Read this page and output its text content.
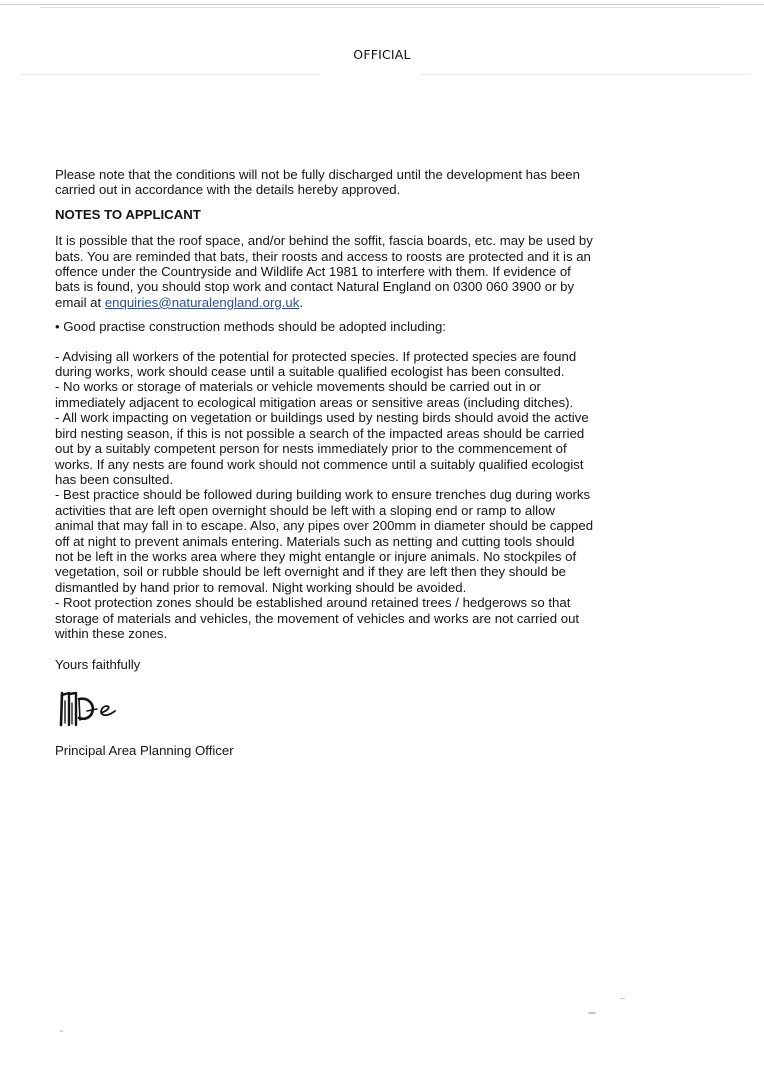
OFFICIAL

Please note that the conditions will not be fully discharged until the development has been carried out in accordance with the details hereby approved.

NOTES TO APPLICANT

It is possible that the roof space, and/or behind the soffit, fascia boards, etc. may be used by bats. You are reminded that bats, their roosts and access to roosts are protected and it is an offence under the Countryside and Wildlife Act 1981 to interfere with them. If evidence of bats is found, you should stop work and contact Natural England on 0300 060 3900 or by email at enquiries@naturalengland.org.uk.

• Good practise construction methods should be adopted including:

- Advising all workers of the potential for protected species. If protected species are found during works, work should cease until a suitable qualified ecologist has been consulted.

- No works or storage of materials or vehicle movements should be carried out in or immediately adjacent to ecological mitigation areas or sensitive areas (including ditches).

- All work impacting on vegetation or buildings used by nesting birds should avoid the active bird nesting season, if this is not possible a search of the impacted areas should be carried out by a suitably competent person for nests immediately prior to the commencement of works. If any nests are found work should not commence until a suitably qualified ecologist has been consulted.

- Best practice should be followed during building work to ensure trenches dug during works activities that are left open overnight should be left with a sloping end or ramp to allow animal that may fall in to escape. Also, any pipes over 200mm in diameter should be capped off at night to prevent animals entering. Materials such as netting and cutting tools should not be left in the works area where they might entangle or injure animals. No stockpiles of vegetation, soil or rubble should be left overnight and if they are left then they should be dismantled by hand prior to removal. Night working should be avoided.

- Root protection zones should be established around retained trees / hedgerows so that storage of materials and vehicles, the movement of vehicles and works are not carried out within these zones.

Yours faithfully

Principal Area Planning Officer
